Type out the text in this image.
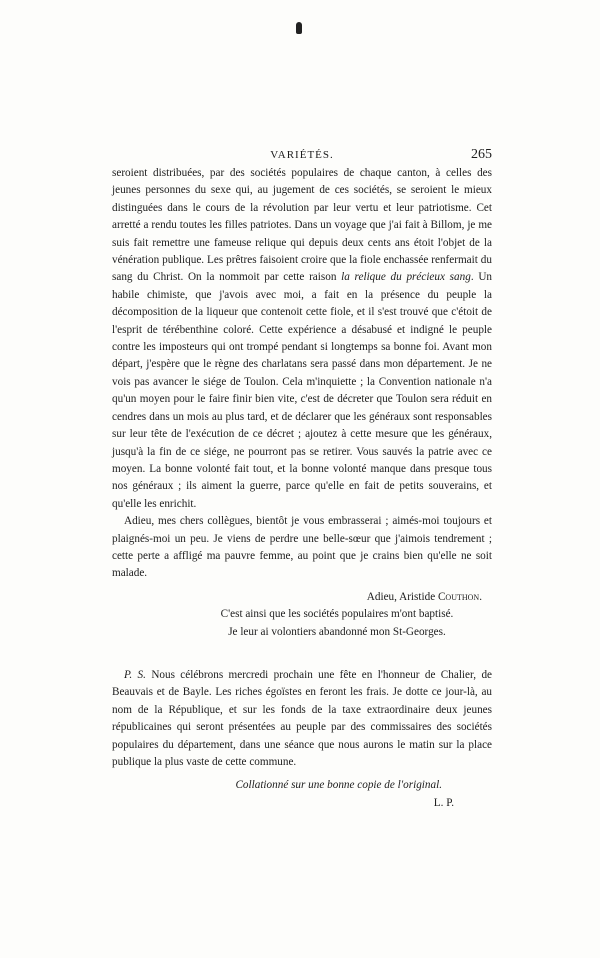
VARIÉTÉS.	265

seroient distribuées, par des sociétés populaires de chaque canton, à celles des jeunes personnes du sexe qui, au jugement de ces sociétés, se seroient le mieux distinguées dans le cours de la révolution par leur vertu et leur patriotisme. Cet arretté a rendu toutes les filles patriotes. Dans un voyage que j'ai fait à Billom, je me suis fait remettre une fameuse relique qui depuis deux cents ans étoit l'objet de la vénération publique. Les prêtres faisoient croire que la fiole enchassée renfermait du sang du Christ. On la nommoit par cette raison la relique du précieux sang. Un habile chimiste, que j'avois avec moi, a fait en la présence du peuple la décomposition de la liqueur que contenoit cette fiole, et il s'est trouvé que c'étoit de l'esprit de térébenthine coloré. Cette expérience a désabusé et indigné le peuple contre les imposteurs qui ont trompé pendant si longtemps sa bonne foi. Avant mon départ, j'espère que le règne des charlatans sera passé dans mon département. Je ne vois pas avancer le siége de Toulon. Cela m'inquiette ; la Convention nationale n'a qu'un moyen pour le faire finir bien vite, c'est de décreter que Toulon sera réduit en cendres dans un mois au plus tard, et de déclarer que les généraux sont responsables sur leur tête de l'exécution de ce décret ; ajoutez à cette mesure que les généraux, jusqu'à la fin de ce siége, ne pourront pas se retirer. Vous sauvés la patrie avec ce moyen. La bonne volonté fait tout, et la bonne volonté manque dans presque tous nos généraux ; ils aiment la guerre, parce qu'elle en fait de petits souverains, et qu'elle les enrichit.

Adieu, mes chers collègues, bientôt je vous embrasserai ; aimés-moi toujours et plaignés-moi un peu. Je viens de perdre une belle-sœur que j'aimois tendrement ; cette perte a affligé ma pauvre femme, au point que je crains bien qu'elle ne soit malade.

Adieu, Aristide Couthon.
C'est ainsi que les sociétés populaires m'ont baptisé.
Je leur ai volontiers abandonné mon St-Georges.

P. S. Nous célébrons mercredi prochain une fête en l'honneur de Chalier, de Beauvais et de Bayle. Les riches égoïstes en feront les frais. Je dotte ce jour-là, au nom de la République, et sur les fonds de la taxe extraordinaire deux jeunes républicaines qui seront présentées au peuple par des commissaires des sociétés populaires du département, dans une séance que nous aurons le matin sur la place publique la plus vaste de cette commune.

Collationné sur une bonne copie de l'original.
L. P.
